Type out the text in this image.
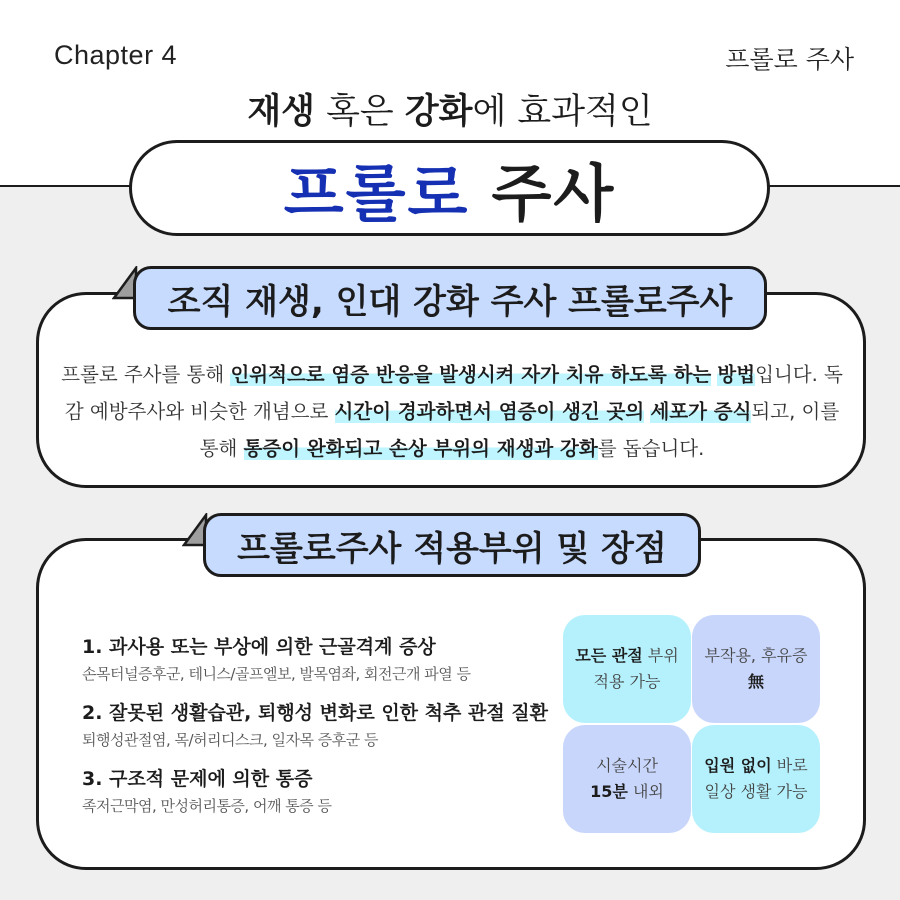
Chapter 4	프롤로 주사
재생 혹은 강화에 효과적인
프롤로 주사
조직 재생, 인대 강화 주사 프롤로주사
프롤로 주사를 통해 인위적으로 염증 반응을 발생시켜 자가 치유 하도록 하는 방법입니다. 독감 예방주사와 비슷한 개념으로 시간이 경과하면서 염증이 생긴 곳의 세포가 증식되고, 이를 통해 통증이 완화되고 손상 부위의 재생과 강화를 돕습니다.
프롤로주사 적용부위 및 장점
1. 과사용 또는 부상에 의한 근골격계 증상
손목터널증후군, 테니스/골프엘보, 발목염좌, 회전근개 파열 등
2. 잘못된 생활습관, 퇴행성 변화로 인한 척추 관절 질환
퇴행성관절염, 목/허리디스크, 일자목 증후군 등
3. 구조적 문제에 의한 통증
족저근막염, 만성허리통증, 어깨 통증 등
모든 관절 부위
적용 가능
부작용, 후유증
無
시술시간
15분 내외
입원 없이 바로
일상 생활 가능
